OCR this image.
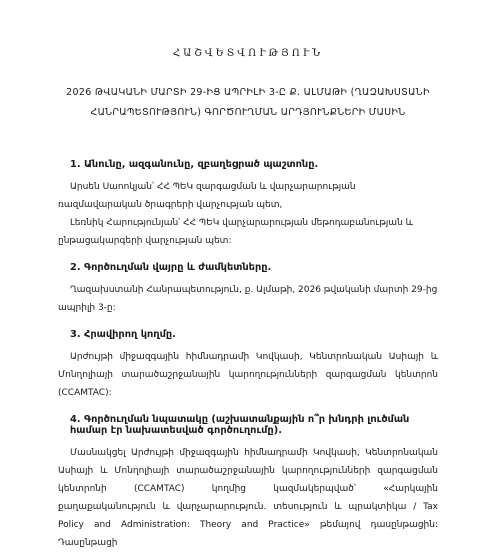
ՀԱՇՎԵՏՎՈՒԹՅՈՒՆ
2026 ԹՎԱԿԱՆԻ ՄԱՐՏԻ 29-ԻՑ ԱՊՐԻԼԻ 3-Ը Ք. ԱԼՄԱԹԻ (ՂԱԶԱԽՍՏԱՆԻ
ՀԱՆՐԱՊԵՏՈՒԹՅՈՒՆ) ԳՈՐԾՈՒՂՄԱՆ ԱՐԴՅՈՒՆՔՆԵՐԻ ՄԱՍԻՆ
1. Անունը, ազգանունը, զբաղեցրած պաշտոնը.

Արսեն Սաոոկյան՝ ՀՀ ՊԵԿ զարգացման և վարչարարության ռազմավարական ծրագրերի վարչության պետ,

Լեռնիկ Հարությունյան՝ ՀՀ ՊԵԿ վարչարարության մեթոդաբանության և ընթացակարգերի վարչության պետ:

2. Գործուղման վայրը և ժամկետները.

Ղազախստանի Հանրապետություն, ք. Ալմաթի, 2026 թվականի մարտի 29-ից ապրիլի 3-ը:

3. Հրավիրող կողմը.

Արժույթի միջազգային հիմնադրամի Կովկասի, Կենտրոնական Ասիայի և Մոնղոլիայի տարածաշրջանային կարողությունների զարգացման կենտրոն (CCAMTAC):

4. Գործուղման նպատակը (աշխատանքային ո՞ր խնդրի լուծման համար էր նախատեսված գործուղումը).

Մասնակցել Արժույթի միջազգային հիմնադրամի Կովկասի, Կենտրոնական Ասիայի և Մոնղոլիայի տարածաշրջանային կարողությունների զարգացման կենտրոնի (CCAMTAC) կողմից կազմակերպված՝ «Հարկային քաղաքականություն և վարչարարություն. տեսություն և պրակտիկա / Tax Policy and Administration: Theory and Practice» թեմայով դասընթացին: Դասընթացի
